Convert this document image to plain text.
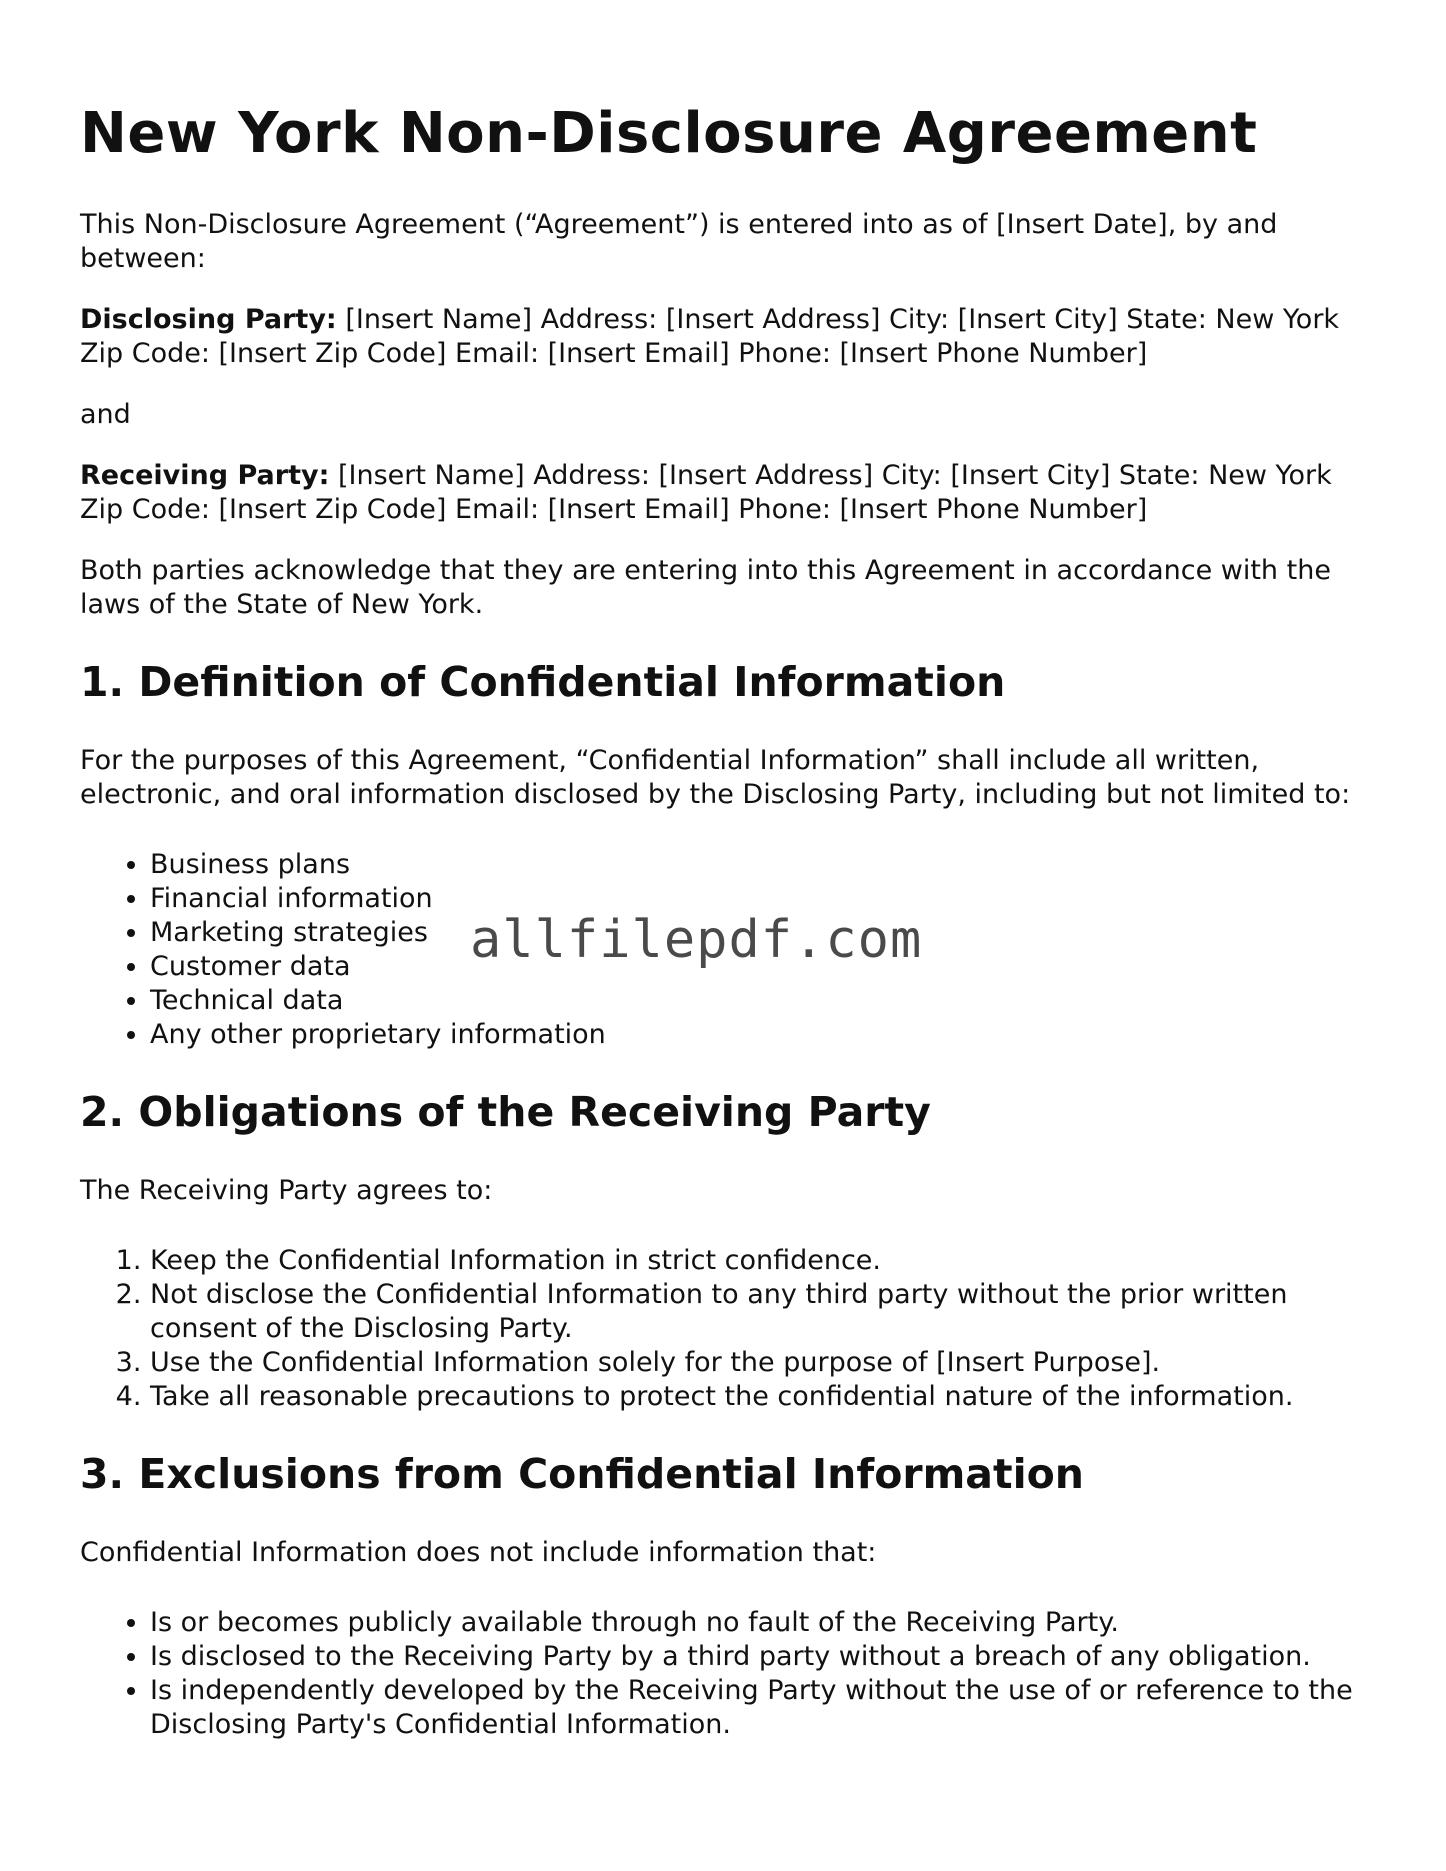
New York Non-Disclosure Agreement

This Non-Disclosure Agreement (“Agreement”) is entered into as of [Insert Date], by and between:

Disclosing Party: [Insert Name] Address: [Insert Address] City: [Insert City] State: New York Zip Code: [Insert Zip Code] Email: [Insert Email] Phone: [Insert Phone Number]

and

Receiving Party: [Insert Name] Address: [Insert Address] City: [Insert City] State: New York Zip Code: [Insert Zip Code] Email: [Insert Email] Phone: [Insert Phone Number]

Both parties acknowledge that they are entering into this Agreement in accordance with the laws of the State of New York.

1. Definition of Confidential Information

For the purposes of this Agreement, “Confidential Information” shall include all written, electronic, and oral information disclosed by the Disclosing Party, including but not limited to:

• Business plans
• Financial information
• Marketing strategies
• Customer data
• Technical data
• Any other proprietary information
2. Obligations of the Receiving Party

The Receiving Party agrees to:

1. Keep the Confidential Information in strict confidence.
2. Not disclose the Confidential Information to any third party without the prior written consent of the Disclosing Party.
3. Use the Confidential Information solely for the purpose of [Insert Purpose].
4. Take all reasonable precautions to protect the confidential nature of the information.
3. Exclusions from Confidential Information

Confidential Information does not include information that:

• Is or becomes publicly available through no fault of the Receiving Party.
• Is disclosed to the Receiving Party by a third party without a breach of any obligation.
• Is independently developed by the Receiving Party without the use of or reference to the Disclosing Party's Confidential Information.
allfilepdf.com
